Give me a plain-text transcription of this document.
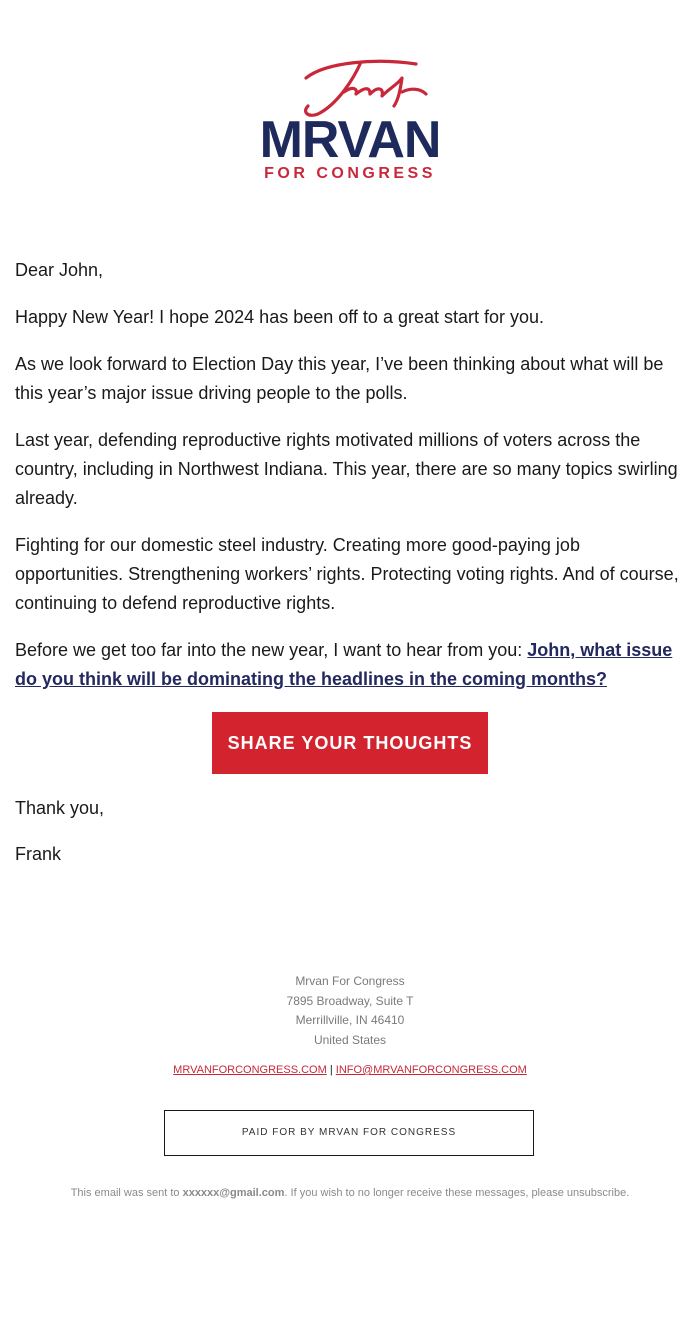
MRVAN
FOR CONGRESS

Dear John,

Happy New Year! I hope 2024 has been off to a great start for you.

As we look forward to Election Day this year, I’ve been thinking about what will be this year’s major issue driving people to the polls.

Last year, defending reproductive rights motivated millions of voters across the country, including in Northwest Indiana. This year, there are so many topics swirling already.

Fighting for our domestic steel industry. Creating more good-paying job opportunities. Strengthening workers’ rights. Protecting voting rights. And of course, continuing to defend reproductive rights.

Before we get too far into the new year, I want to hear from you: John, what issue do you think will be dominating the headlines in the coming months?

SHARE YOUR THOUGHTS

Thank you,

Frank

Mrvan For Congress
7895 Broadway, Suite T
Merrillville, IN 46410
United States
MRVANFORCONGRESS.COM | INFO@MRVANFORCONGRESS.COM
PAID FOR BY MRVAN FOR CONGRESS
This email was sent to xxxxxx@gmail.com. If you wish to no longer receive these messages, please unsubscribe.
